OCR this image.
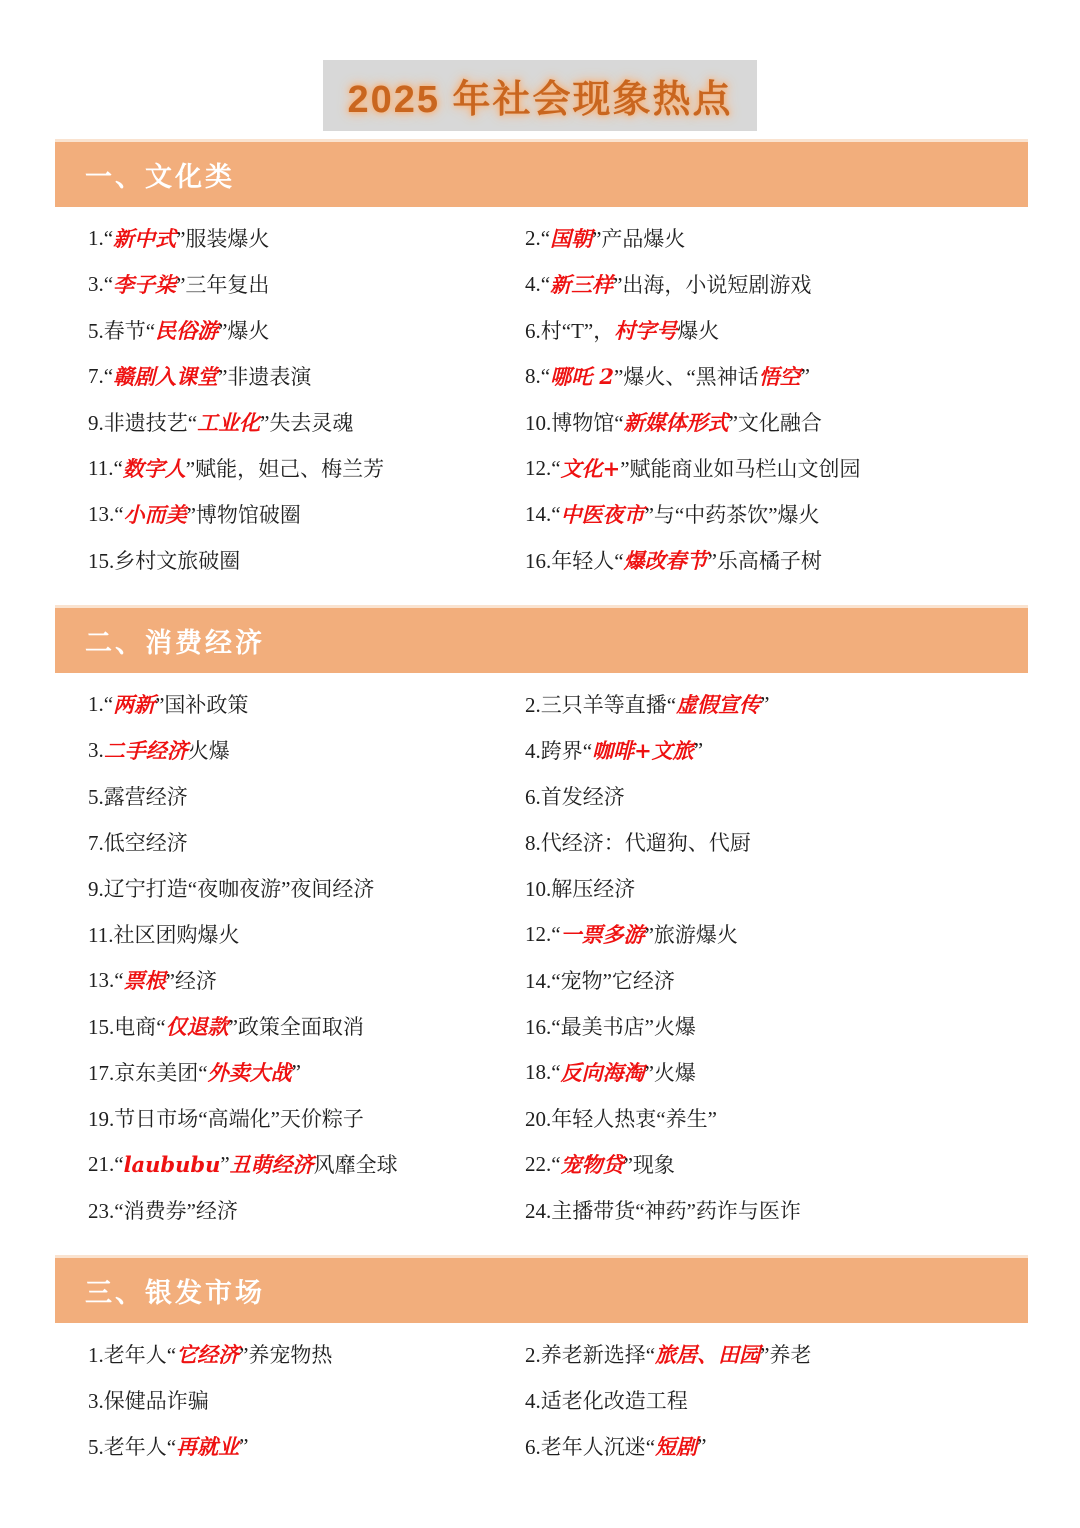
2025 年社会现象热点
一、文化类
1.“ 新中式 ”服装爆火	2.“ 国朝 ”产品爆火
3.“ 李子柒 ”三年复出	4.“ 新三样 ”出海，小说短剧游戏
5.春节“ 民俗游 ”爆火	6.村“T”， 村字号 爆火
7.“ 赣剧入课堂 ”非遗表演	8.“ 哪吒 2 ”爆火、“黑神话 悟空 ”
9.非遗技艺“ 工业化 ”失去灵魂	10.博物馆“ 新媒体形式 ”文化融合
11.“ 数字人 ”赋能，妲己、梅兰芳	12.“ 文化+ ”赋能商业如马栏山文创园
13.“ 小而美 ”博物馆破圈	14.“ 中医夜市 ”与“中药茶饮”爆火
15.乡村文旅破圈	16.年轻人“ 爆改春节 ”乐高橘子树
二、消费经济
1.“ 两新 ”国补政策	2.三只羊等直播“ 虚假宣传 ”
3. 二手经济 火爆	4.跨界“ 咖啡+文旅 ”
5.露营经济	6.首发经济
7.低空经济	8.代经济：代遛狗、代厨
9.辽宁打造“夜咖夜游”夜间经济	10.解压经济
11.社区团购爆火	12.“ 一票多游 ”旅游爆火
13.“ 票根 ”经济	14.“宠物”它经济
15.电商“ 仅退款 ”政策全面取消	16.“最美书店”火爆
17.京东美团“ 外卖大战 ”	18.“ 反向海淘 ”火爆
19.节日市场“高端化”天价粽子	20.年轻人热衷“养生”
21.“ laububu ” 丑萌经济 风靡全球	22.“ 宠物贷 ”现象
23.“消费券”经济	24.主播带货“神药”药诈与医诈
三、银发市场
1.老年人“ 它经济 ”养宠物热	2.养老新选择“ 旅居、田园 ”养老
3.保健品诈骗	4.适老化改造工程
5.老年人“ 再就业 ”	6.老年人沉迷“ 短剧 ”
